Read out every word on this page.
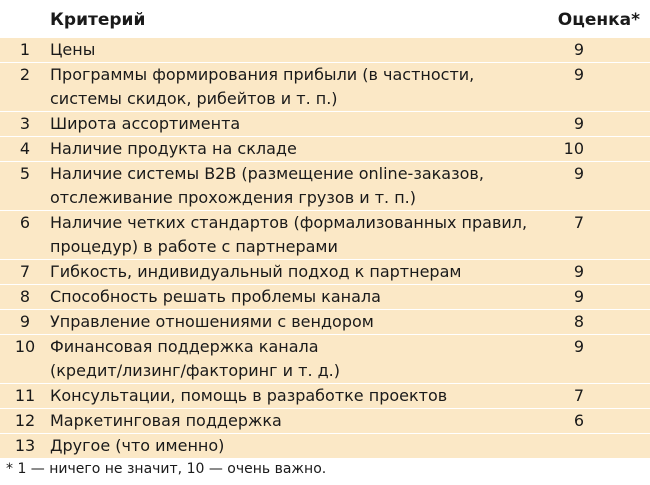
	Критерий	Оценка*
1	Цены	9
2	Программы формирования прибыли (в частности,
системы скидок, рибейтов и т. п.)	9
3	Широта ассортимента	9
4	Наличие продукта на складе	10
5	Наличие системы B2B (размещение online-заказов,
отслеживание прохождения грузов и т. п.)	9
6	Наличие четких стандартов (формализованных правил,
процедур) в работе с партнерами	7
7	Гибкость, индивидуальный подход к партнерам	9
8	Способность решать проблемы канала	9
9	Управление отношениями с вендором	8
10	Финансовая поддержка канала
(кредит/лизинг/факторинг и т. д.)	9
11	Консультации, помощь в разработке проектов	7
12	Маркетинговая поддержка	6
13	Другое (что именно)	

* 1 — ничего не значит, 10 — очень важно.
